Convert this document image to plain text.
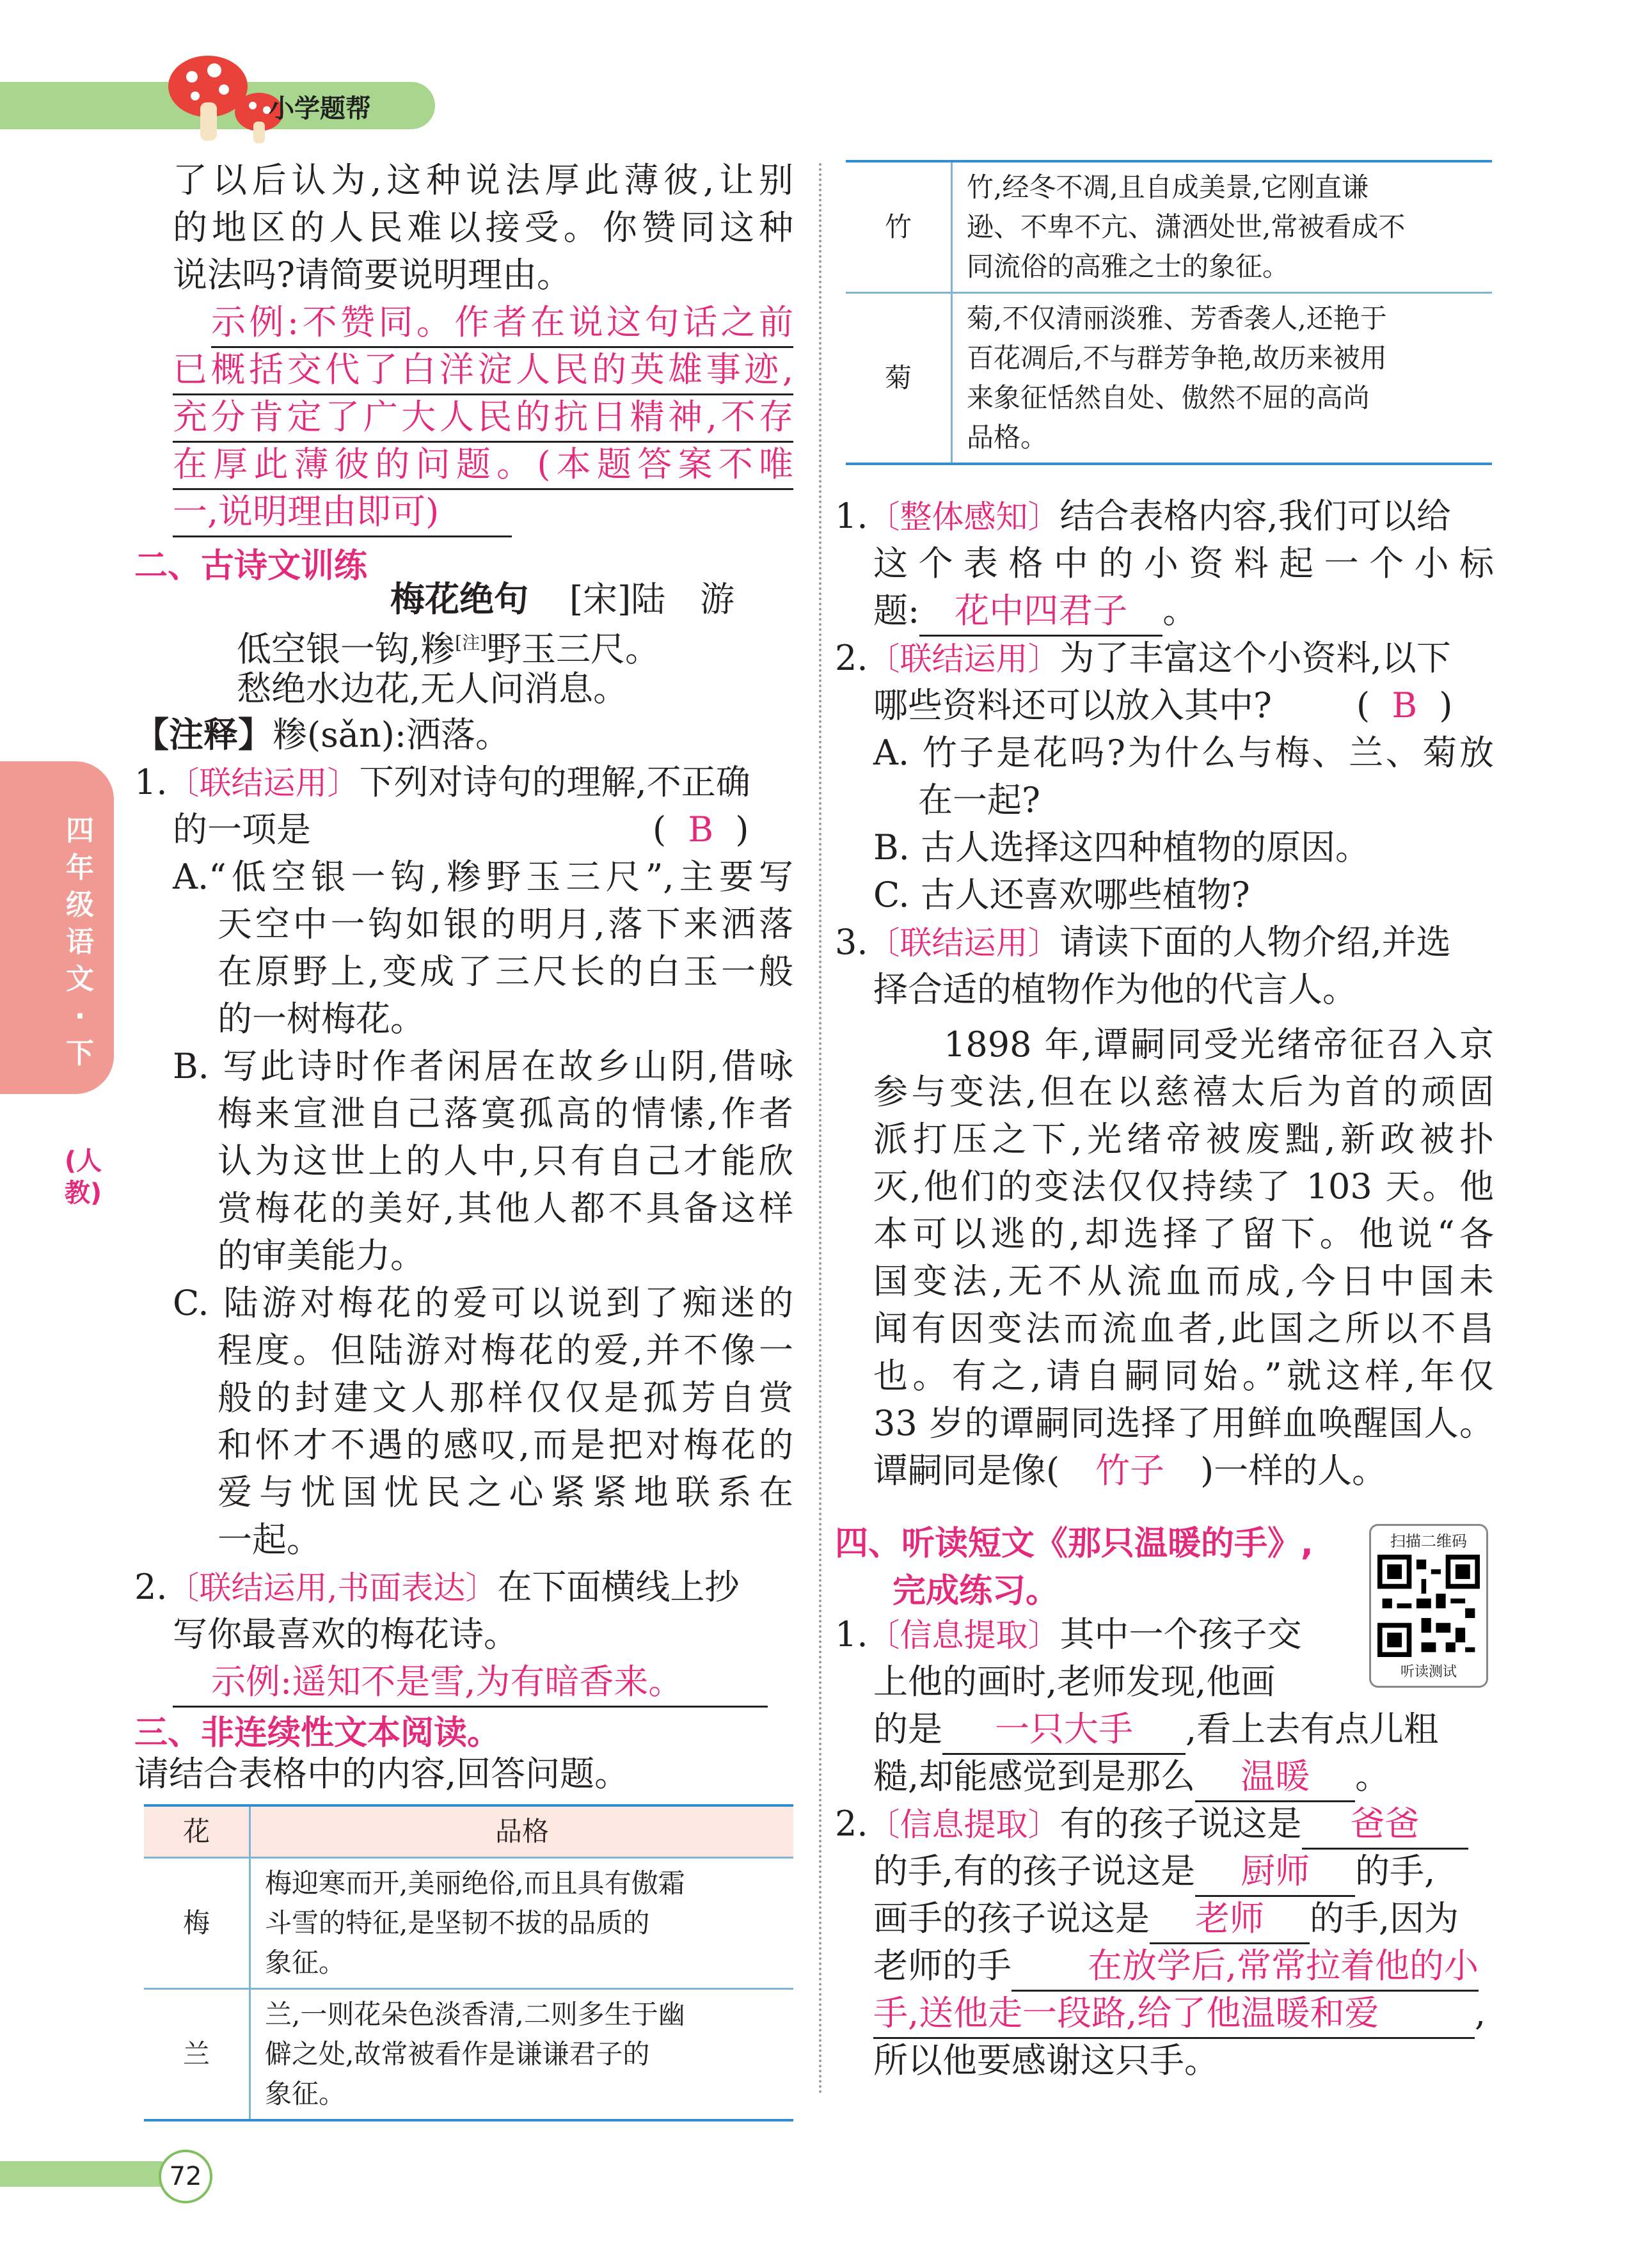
小学题帮
四年级语文·下
(人教)
72
了以后认为,这种说法厚此薄彼,让别
的地区的人民难以接受。你赞同这种
说法吗?请简要说明理由。
示例:不赞同。作者在说这句话之前
已概括交代了白洋淀人民的英雄事迹,
充分肯定了广大人民的抗日精神,不存
在厚此薄彼的问题。(本题答案不唯
一,说明理由即可)
二、古诗文训练
梅花绝句 [宋]陆　游
低空银一钩,糁[注]野玉三尺。
愁绝水边花,无人问消息。
【注释】糁(sǎn):洒落。
1.〔联结运用〕下列对诗句的理解,不正确
的一项是	(  B  )
A.“低空银一钩,糁野玉三尺”,主要写
天空中一钩如银的明月,落下来洒落
在原野上,变成了三尺长的白玉一般
的一树梅花。
B. 写此诗时作者闲居在故乡山阴,借咏
梅来宣泄自己落寞孤高的情愫,作者
认为这世上的人中,只有自己才能欣
赏梅花的美好,其他人都不具备这样
的审美能力。
C. 陆游对梅花的爱可以说到了痴迷的
程度。但陆游对梅花的爱,并不像一
般的封建文人那样仅仅是孤芳自赏
和怀才不遇的感叹,而是把对梅花的
爱与忧国忧民之心紧紧地联系在
一起。
2.〔联结运用,书面表达〕在下面横线上抄
写你最喜欢的梅花诗。
示例:遥知不是雪,为有暗香来。
三、非连续性文本阅读。
请结合表格中的内容,回答问题。
花	品格
梅	梅迎寒而开,美丽绝俗,而且具有傲霜
斗雪的特征,是坚韧不拔的品质的
象征。

兰	兰,一则花朵色淡香清,二则多生于幽
僻之处,故常被看作是谦谦君子的
象征。
竹	竹,经冬不凋,且自成美景,它刚直谦
逊、不卑不亢、潇洒处世,常被看成不
同流俗的高雅之士的象征。

菊	菊,不仅清丽淡雅、芳香袭人,还艳于
百花凋后,不与群芳争艳,故历来被用
来象征恬然自处、傲然不屈的高尚
品格。
1.〔整体感知〕结合表格内容,我们可以给
这个表格中的小资料起一个小标
题: 花中四君子 。
2.〔联结运用〕为了丰富这个小资料,以下
哪些资料还可以放入其中? (  B  )
A. 竹子是花吗?为什么与梅、兰、菊放
在一起?
B. 古人选择这四种植物的原因。
C. 古人还喜欢哪些植物?
3.〔联结运用〕请读下面的人物介绍,并选
择合适的植物作为他的代言人。
1898 年,谭嗣同受光绪帝征召入京
参与变法,但在以慈禧太后为首的顽固
派打压之下,光绪帝被废黜,新政被扑
灭,他们的变法仅仅持续了 103 天。他
本可以逃的,却选择了留下。他说“各
国变法,无不从流血而成,今日中国未
闻有因变法而流血者,此国之所以不昌
也。有之,请自嗣同始。”就这样,年仅
33 岁的谭嗣同选择了用鲜血唤醒国人。
谭嗣同是像( 竹子 )一样的人。
四、听读短文《那只温暖的手》,
完成练习。
扫描二维码
听读测试
1.〔信息提取〕其中一个孩子交
上他的画时,老师发现,他画
的是 一只大手 ,看上去有点儿粗
糙,却能感觉到是那么 温暖 。
2.〔信息提取〕有的孩子说这是 爸爸
的手,有的孩子说这是 厨师 的手,
画手的孩子说这是 老师 的手,因为
老师的手 在放学后,常常拉着他的小
手,送他走一段路,给了他温暖和爱	,
所以他要感谢这只手。
